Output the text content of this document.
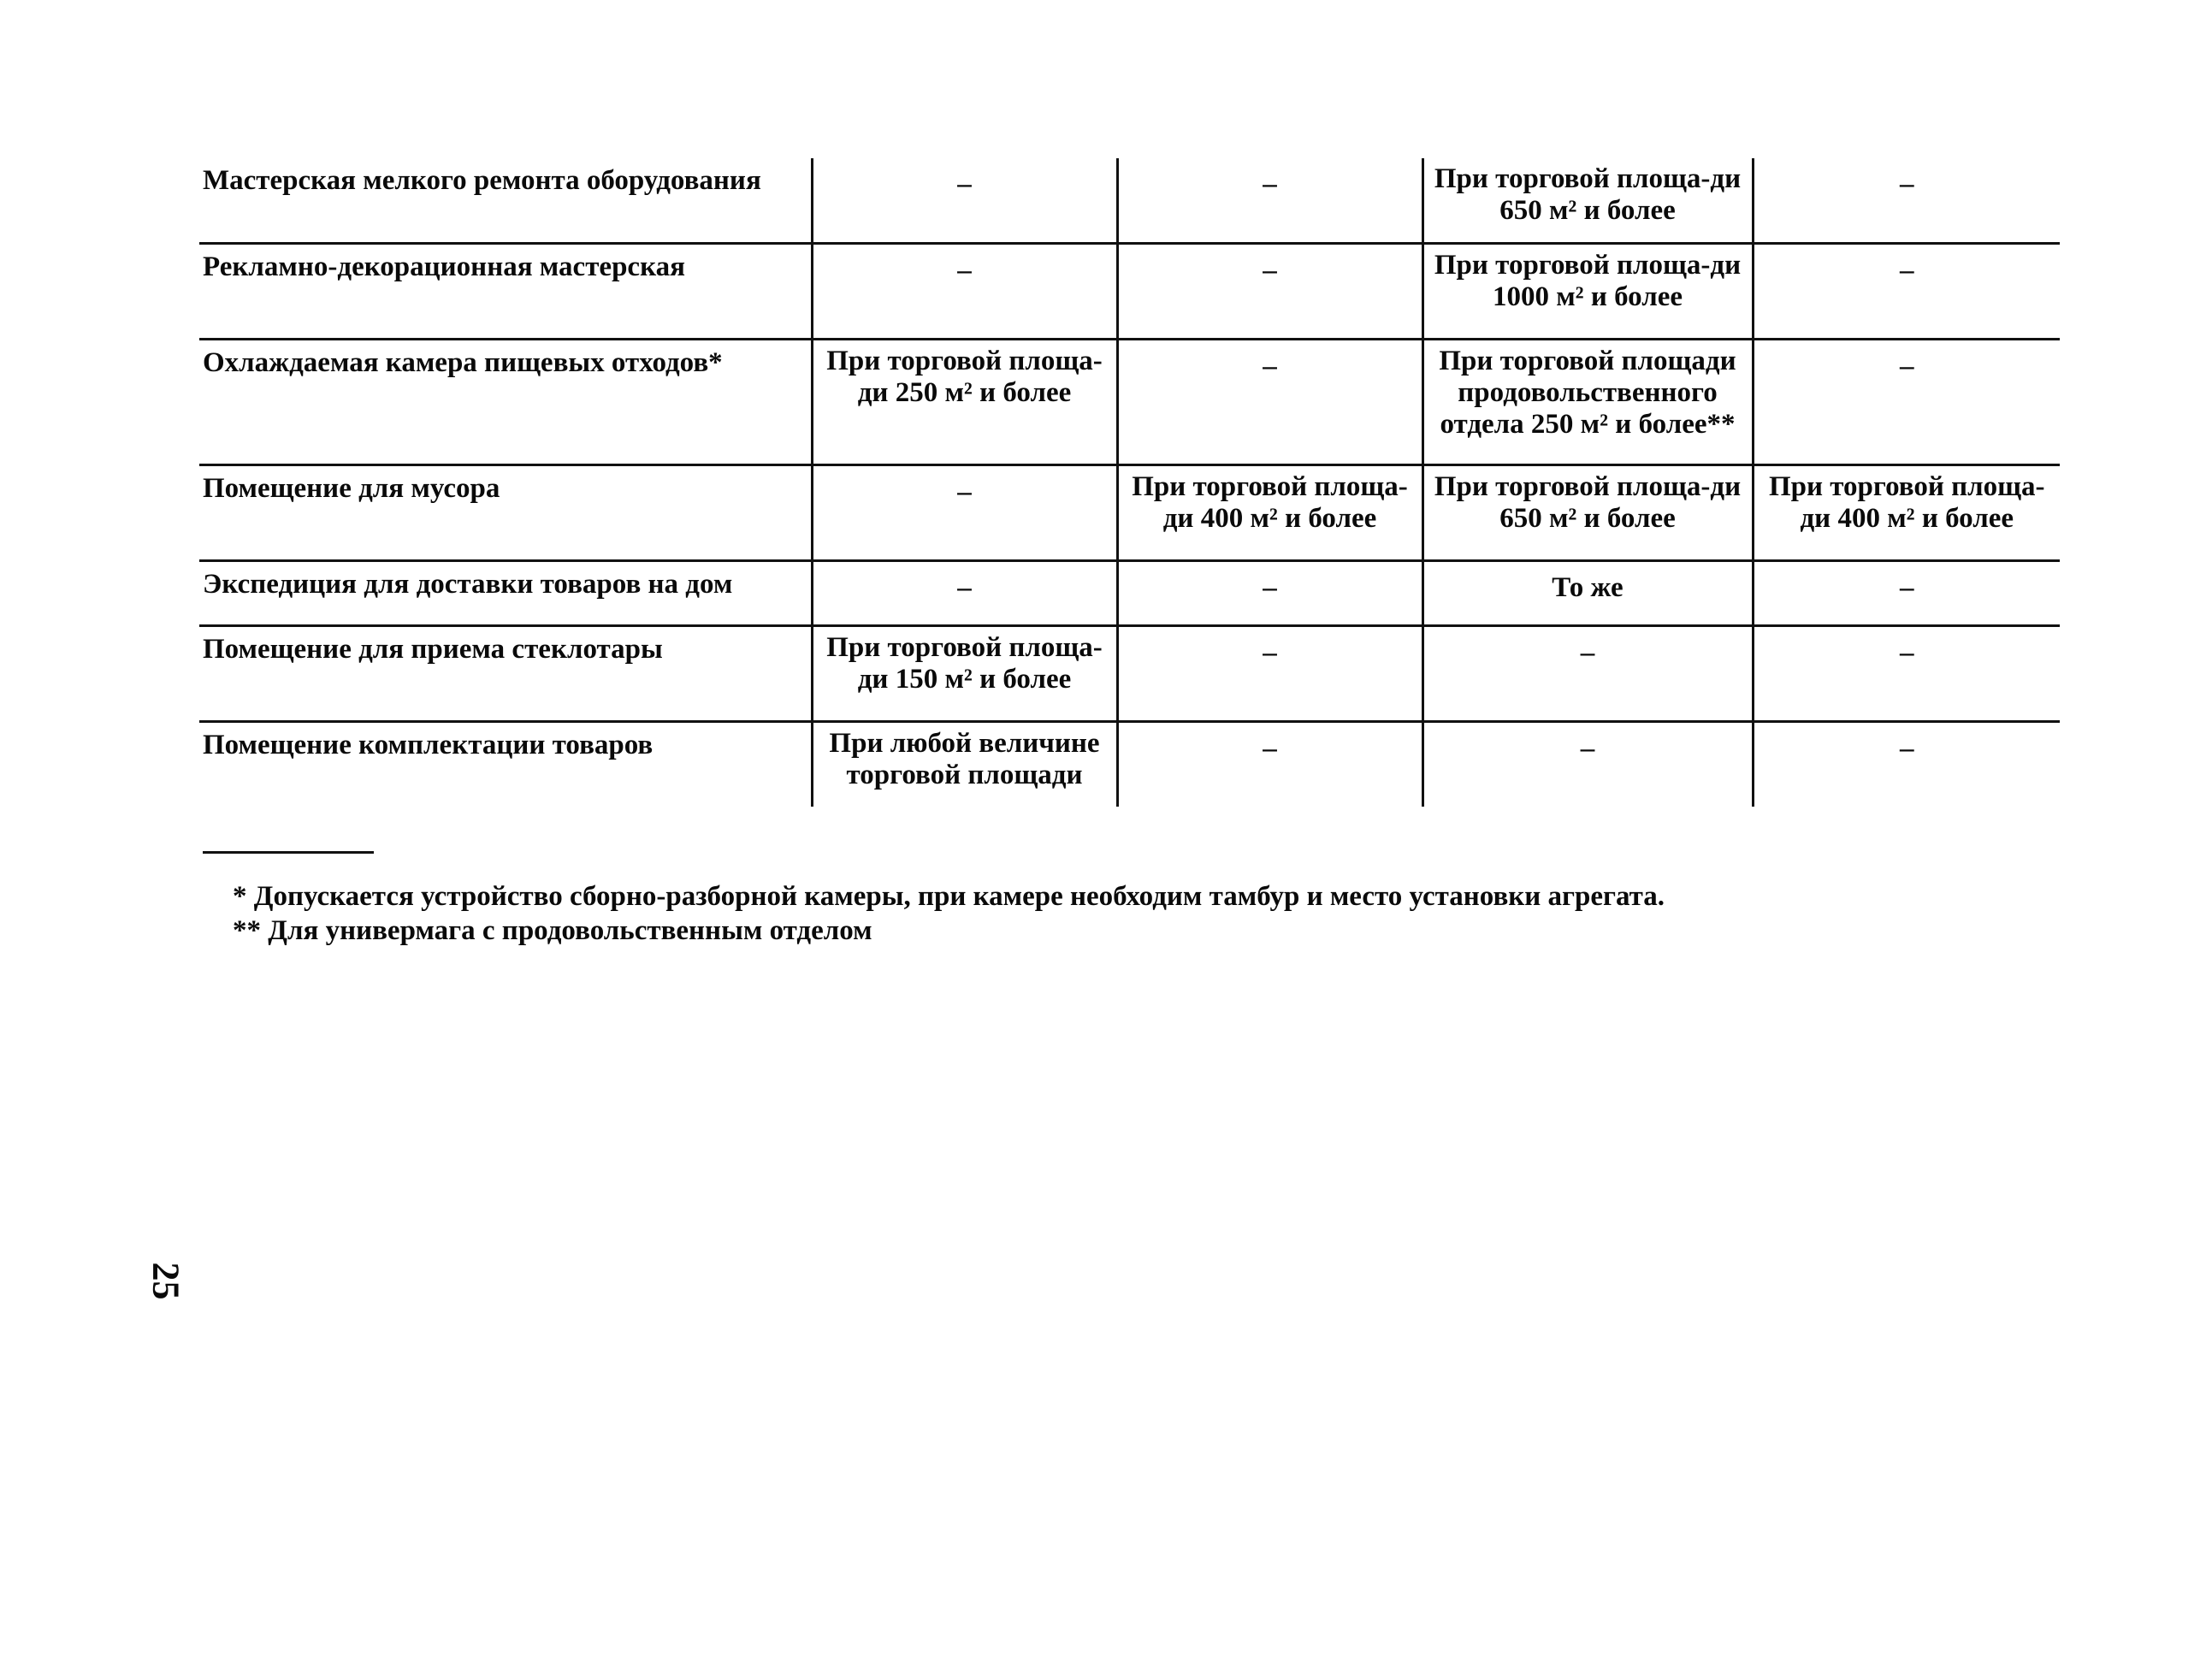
Мастерская мелкого ремонта оборудования	–	–	При торговой площа-ди 650 м² и более	–
Рекламно-декорационная мастерская	–	–	При торговой площа-ди 1000 м² и более	–
Охлаждаемая камера пищевых отходов*	При торговой площа-ди 250 м² и более	–	При торговой площади продовольственного отдела 250 м² и более**	–
Помещение для мусора	–	При торговой площа-ди 400 м² и более	При торговой площа-ди 650 м² и более	При торговой площа-ди 400 м² и более
Экспедиция для доставки товаров на дом	–	–	То же	–
Помещение для приема стеклотары	При торговой площа-ди 150 м² и более	–	–	–
Помещение комплектации товаров	При любой величине торговой площади	–	–	–
* Допускается устройство сборно-разборной камеры, при камере необходим тамбур и место установки агрегата.
** Для универмага с продовольственным отделом
25
